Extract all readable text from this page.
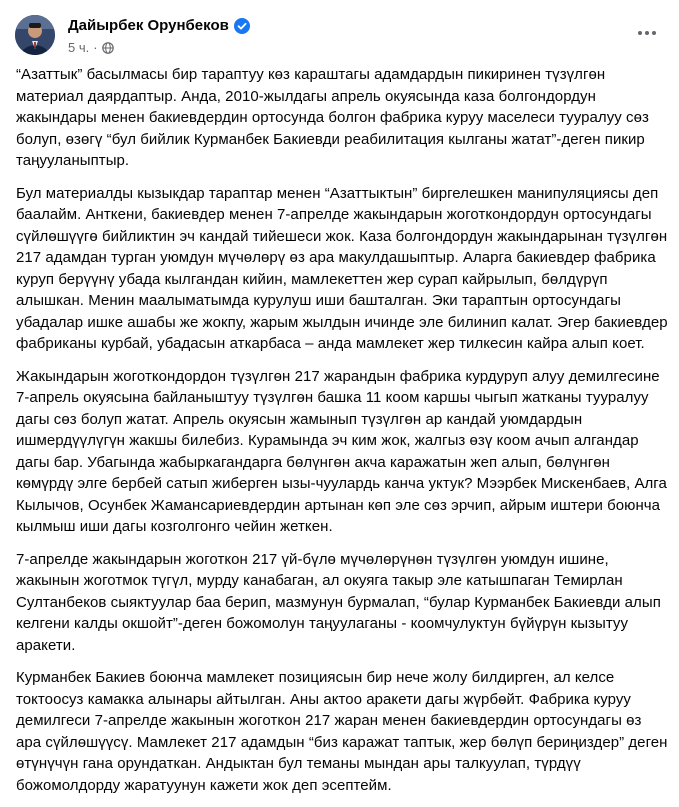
Дайырбек Орунбеков
5 ч. ·

“Азаттык” басылмасы бир тараптуу көз караштагы адамдардын пикиринен түзүлгөн материал даярдаптыр. Анда, 2010-жылдагы апрель окуясында каза болгондордун жакындары менен бакиевдердин ортосунда болгон фабрика куруу маселеси тууралуу сөз болуп, өзөгү “бул бийлик Курманбек Бакиевди реабилитация кылганы жатат”-деген пикир таңууланыптыр.

Бул материалды кызыкдар тараптар менен “Азаттыктын” биргелешкен манипуляциясы деп баалайм. Анткени, бакиевдер менен 7-апрелде жакындарын жоготкондордун ортосундагы сүйлөшүүгө бийликтин эч кандай тийешеси жок. Каза болгондордун жакындарынан түзүлгөн 217 адамдан турган уюмдун мүчөлөрү өз ара макулдашыптыр. Аларга бакиевдер фабрика куруп берүүнү убада кылгандан кийин, мамлекеттен жер сурап кайрылып, бөлдүрүп алышкан. Менин маалыматымда курулуш иши башталган. Эки тараптын ортосундагы убадалар ишке ашабы же жокпу, жарым жылдын ичинде эле билинип калат. Эгер бакиевдер фабриканы курбай, убадасын аткарбаса – анда мамлекет жер тилкесин кайра алып коет.

Жакындарын жоготкондордон түзүлгөн 217 жарандын фабрика курдуруп алуу демилгесине 7-апрель окуясына байланыштуу түзүлгөн башка 11 коом каршы чыгып жатканы тууралуу дагы сөз болуп жатат. Апрель окуясын жамынып түзүлгөн ар кандай уюмдардын ишмердүүлүгүн жакшы билебиз. Курамында эч ким жок, жалгыз өзү коом ачып алгандар дагы бар. Убагында жабыркагандарга бөлүнгөн акча каражатын жеп алып, бөлүнгөн көмүрдү элге бербей сатып жиберген ызы-чуулардь канча уктук? Мээрбек Мискенбаев, Алга Кылычов, Осунбек Жамансариевдердин артынан көп эле сөз эрчип, айрым иштери боюнча кылмыш иши дагы козголгонго чейин жеткен.

7-апрелде жакындарын жоготкон 217 үй-бүлө мүчөлөрүнөн түзүлгөн уюмдун ишине, жакынын жоготмок түгүл, мурду канабаган, ал окуяга такыр эле катышпаган Темирлан Султанбеков сыяктуулар баа берип, мазмунун бурмалап, “булар Курманбек Бакиевди алып келгени калды окшойт”-деген божомолун таңуулаганы - коомчулуктун бүйүрүн кызытуу аракети.

Курманбек Бакиев боюнча мамлекет позициясын бир нече жолу билдирген, ал келсе токтоосуз камакка алынары айтылган. Аны актоо аракети дагы жүрбөйт. Фабрика куруу демилгеси 7-апрелде жакынын жоготкон 217 жаран менен бакиевдердин ортосундагы өз ара сүйлөшүүсү. Мамлекет 217 адамдын “биз каражат таптык, жер бөлүп бериңиздер” деген өтүнүчүн гана орундаткан. Андыктан бул теманы мындан ары талкуулап, түрдүү божомолдорду жаратуунун кажети жок деп эсептейм.
